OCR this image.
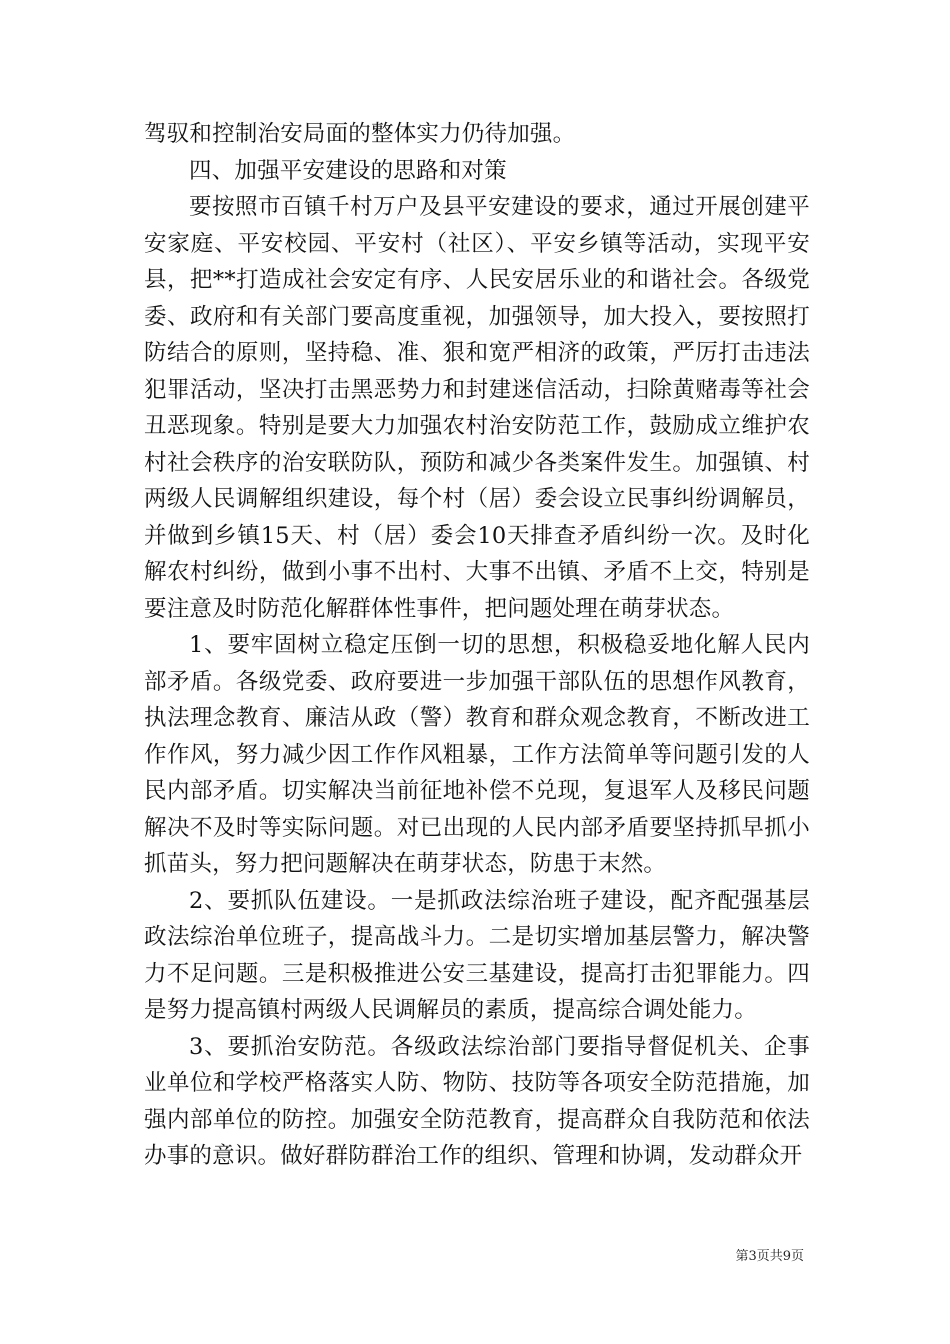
驾驭和控制治安局面的整体实力仍待加强。

四、加强平安建设的思路和对策

要按照市百镇千村万户及县平安建设的要求，通过开展创建平安家庭、平安校园、平安村（社区）、平安乡镇等活动，实现平安县，把**打造成社会安定有序、人民安居乐业的和谐社会。各级党委、政府和有关部门要高度重视，加强领导，加大投入，要按照打防结合的原则，坚持稳、准、狠和宽严相济的政策，严厉打击违法犯罪活动，坚决打击黑恶势力和封建迷信活动，扫除黄赌毒等社会丑恶现象。特别是要大力加强农村治安防范工作，鼓励成立维护农村社会秩序的治安联防队，预防和减少各类案件发生。加强镇、村两级人民调解组织建设，每个村（居）委会设立民事纠纷调解员，并做到乡镇15天、村（居）委会10天排查矛盾纠纷一次。及时化解农村纠纷，做到小事不出村、大事不出镇、矛盾不上交，特别是要注意及时防范化解群体性事件，把问题处理在萌芽状态。

1、要牢固树立稳定压倒一切的思想，积极稳妥地化解人民内部矛盾。各级党委、政府要进一步加强干部队伍的思想作风教育，执法理念教育、廉洁从政（警）教育和群众观念教育，不断改进工作作风，努力减少因工作作风粗暴，工作方法简单等问题引发的人民内部矛盾。切实解决当前征地补偿不兑现，复退军人及移民问题解决不及时等实际问题。对已出现的人民内部矛盾要坚持抓早抓小抓苗头，努力把问题解决在萌芽状态，防患于末然。

2、要抓队伍建设。一是抓政法综治班子建设，配齐配强基层政法综治单位班子，提高战斗力。二是切实增加基层警力，解决警力不足问题。三是积极推进公安三基建设，提高打击犯罪能力。四是努力提高镇村两级人民调解员的素质，提高综合调处能力。

3、要抓治安防范。各级政法综治部门要指导督促机关、企事业单位和学校严格落实人防、物防、技防等各项安全防范措施，加强内部单位的防控。加强安全防范教育，提高群众自我防范和依法办事的意识。做好群防群治工作的组织、管理和协调，发动群众开

第3页共9页
